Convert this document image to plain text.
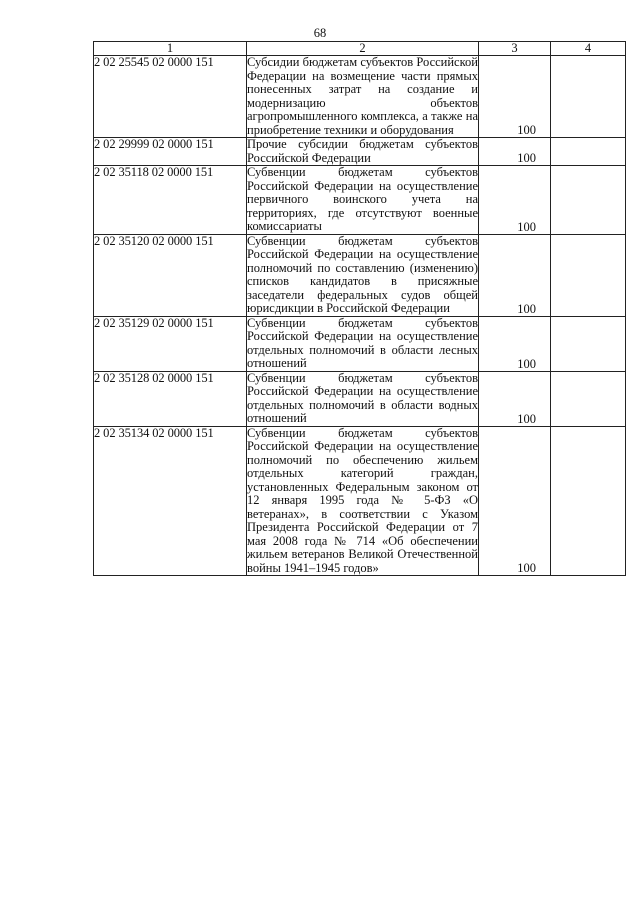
68
1	2	3	4
2 02 25545 02 0000 151	Субсидии бюджетам субъектов Российской Федерации на возмещение части прямых понесенных затрат на создание и модернизацию объектов агропромышленного комплекса, а также на приобретение техники и оборудования	100	

2 02 29999 02 0000 151	Прочие субсидии бюджетам субъектов Российской Федерации	100	

2 02 35118 02 0000 151	Субвенции бюджетам субъектов Российской Федерации на осуществление первичного воинского учета на территориях, где отсутствуют военные комиссариаты	100	

2 02 35120 02 0000 151	Субвенции бюджетам субъектов Российской Федерации на осуществление полномочий по составлению (изменению) списков кандидатов в присяжные заседатели федеральных судов общей юрисдикции в Российской Федерации	100	

2 02 35129 02 0000 151	Субвенции бюджетам субъектов Российской Федерации на осуществление отдельных полномочий в области лесных отношений	100	

2 02 35128 02 0000 151	Субвенции бюджетам субъектов Российской Федерации на осуществление отдельных полномочий в области водных отношений	100	

2 02 35134 02 0000 151	Субвенции бюджетам субъектов Российской Федерации на осуществление полномочий по обеспечению жильем отдельных категорий граждан, установленных Федеральным законом от 12 января 1995 года № 5-ФЗ «О ветеранах», в соответствии с Указом Президента Российской Федерации от 7 мая 2008 года № 714 «Об обеспечении жильем ветеранов Великой Отечественной войны 1941–1945 годов»	100	
